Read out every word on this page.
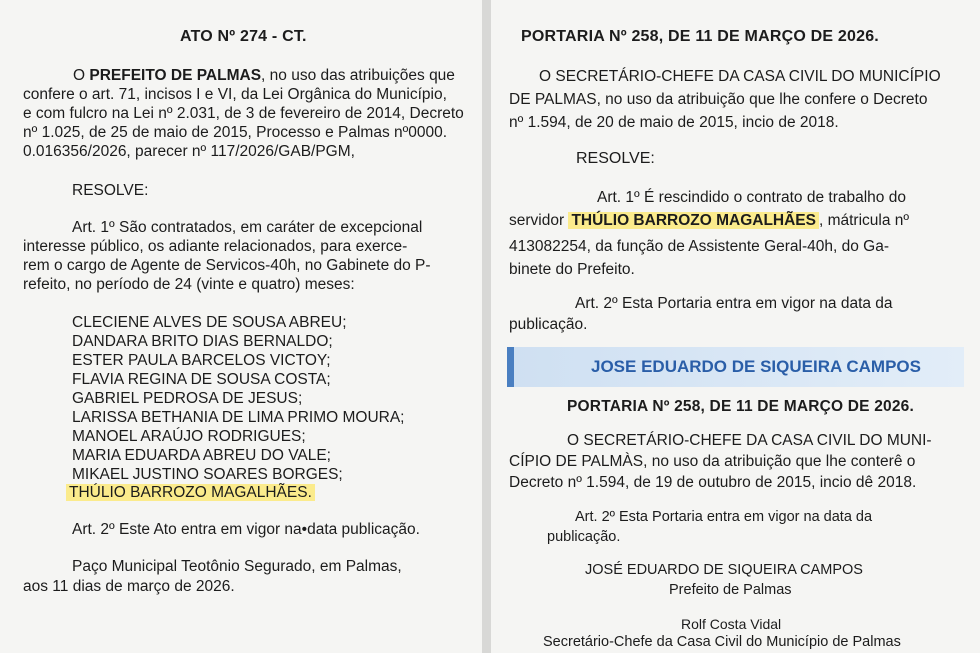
ATO Nº 274 - CT.
O PREFEITO DE PALMAS, no uso das atribuições que
confere o art. 71, incisos I e VI, da Lei Orgânica do Município,
e com fulcro na Lei nº 2.031, de 3 de fevereiro de 2014, Decreto
nº 1.025, de 25 de maio de 2015, Processo e Palmas nº0000.
0.016356/2026, parecer nº 117/2026/GAB/PGM,
RESOLVE:
Art. 1º São contratados, em caráter de excepcional
interesse público, os adiante relacionados, para exerce-
rem o cargo de Agente de Servicos-40h, no Gabinete do P-
refeito, no período de 24 (vinte e quatro) meses:
CLECIENE ALVES DE SOUSA ABREU;
DANDARA BRITO DIAS BERNALDO;
ESTER PAULA BARCELOS VICTOY;
FLAVIA REGINA DE SOUSA COSTA;
GABRIEL PEDROSA DE JESUS;
LARISSA BETHANIA DE LIMA PRIMO MOURA;
MANOEL ARAÚJO RODRIGUES;
MARIA EDUARDA ABREU DO VALE;
MIKAEL JUSTINO SOARES BORGES;
THÚLIO BARROZO MAGALHÃES.
Art. 2º Este Ato entra em vigor na•data publicação.
Paço Municipal Teotônio Segurado, em Palmas,
aos 11 dias de março de 2026.
PORTARIA Nº 258, DE 11 DE MARÇO DE 2026.
O SECRETÁRIO-CHEFE DA CASA CIVIL DO MUNICÍPIO
DE PALMAS, no uso da atribuição que lhe confere o Decreto
nº 1.594, de 20 de maio de 2015, incio de 2018.
RESOLVE:
Art. 1º É rescindido o contrato de trabalho do
servidor THÚLIO BARROZO MAGALHÃES , mátricula nº
413082254, da função de Assistente Geral-40h, do Ga-
binete do Prefeito.
Art. 2º Esta Portaria entra em vigor na data da
publicação.
JOSE EDUARDO DE SIQUEIRA CAMPOS
PORTARIA Nº 258, DE 11 DE MARÇO DE 2026.
O SECRETÁRIO-CHEFE DA CASA CIVIL DO MUNI-
CÍPIO DE PALMÀS, no uso da atribuição que lhe conterê o
Decreto nº 1.594, de 19 de outubro de 2015, incio dê 2018.
Art. 2º Esta Portaria entra em vigor na data da
publicação.
JOSÉ EDUARDO DE SIQUEIRA CAMPOS
Prefeito de Palmas
Rolf Costa Vidal
Secretário-Chefe da Casa Civil do Município de Palmas
